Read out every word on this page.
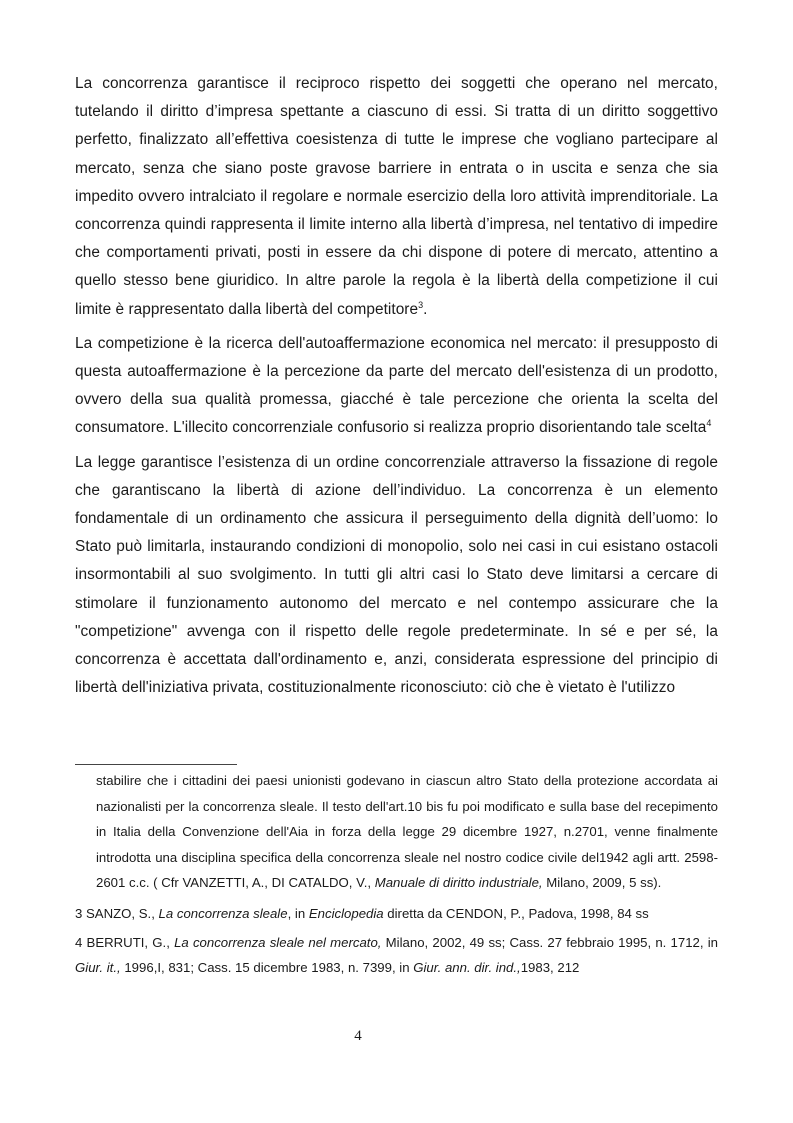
La concorrenza garantisce il reciproco rispetto dei soggetti che operano nel mercato, tutelando il diritto d’impresa spettante a ciascuno di essi. Si tratta di un diritto soggettivo perfetto, finalizzato all’effettiva coesistenza di tutte le imprese che vogliano partecipare al mercato, senza che siano poste gravose barriere in entrata o in uscita e senza che sia impedito ovvero intralciato il regolare e normale esercizio della loro attività imprenditoriale. La concorrenza quindi rappresenta il limite interno alla libertà d’impresa, nel tentativo di impedire che comportamenti privati, posti in essere da chi dispone di potere di mercato, attentino a quello stesso bene giuridico. In altre parole la regola è la libertà della competizione il cui limite è rappresentato dalla libertà del competitore$^3$.

La competizione è la ricerca dell'autoaffermazione economica nel mercato: il presupposto di questa autoaffermazione è la percezione da parte del mercato dell'esistenza di un prodotto, ovvero della sua qualità promessa, giacché è tale percezione che orienta la scelta del consumatore. L'illecito concorrenziale confusorio si realizza proprio disorientando tale scelta$^4$

La legge garantisce l’esistenza di un ordine concorrenziale attraverso la fissazione di regole che garantiscano la libertà di azione dell’individuo. La concorrenza è un elemento fondamentale di un ordinamento che assicura il perseguimento della dignità dell’uomo: lo Stato può limitarla, instaurando condizioni di monopolio, solo nei casi in cui esistano ostacoli insormontabili al suo svolgimento. In tutti gli altri casi lo Stato deve limitarsi a cercare di stimolare il funzionamento autonomo del mercato e nel contempo assicurare che la "competizione" avvenga con il rispetto delle regole predeterminate. In sé e per sé, la concorrenza è accettata dall'ordinamento e, anzi, considerata espressione del principio di libertà dell'iniziativa privata, costituzionalmente riconosciuto: ciò che è vietato è l'utilizzo

stabilire che i cittadini dei paesi unionisti godevano in ciascun altro Stato della protezione accordata ai nazionalisti per la concorrenza sleale. Il testo dell'art.10 bis fu poi modificato e sulla base del recepimento in Italia della Convenzione dell'Aia in forza della legge 29 dicembre 1927, n.2701, venne finalmente introdotta una disciplina specifica della concorrenza sleale nel nostro codice civile del1942 agli artt. 2598-2601 c.c. ( Cfr VANZETTI, A., DI CATALDO, V., Manuale di diritto industriale, Milano, 2009, 5 ss).

3 SANZO, S., La concorrenza sleale, in Enciclopedia diretta da CENDON, P., Padova, 1998, 84 ss

4 BERRUTI, G., La concorrenza sleale nel mercato, Milano, 2002, 49 ss; Cass. 27 febbraio 1995, n. 1712, in Giur. it., 1996,I, 831; Cass. 15 dicembre 1983, n. 7399, in Giur. ann. dir. ind.,1983, 212

4
